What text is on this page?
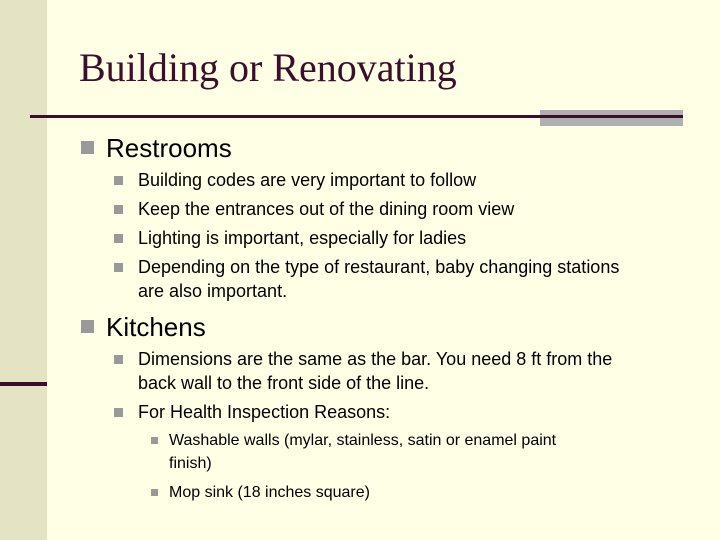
Building or Renovating
Restrooms
Building codes are very important to follow
Keep the entrances out of the dining room view
Lighting is important, especially for ladies
Depending on the type of restaurant, baby changing stations
are also important.
Kitchens
Dimensions are the same as the bar. You need 8 ft from the
back wall to the front side of the line.
For Health Inspection Reasons:
Washable walls (mylar, stainless, satin or enamel paint
finish)
Mop sink (18 inches square)
